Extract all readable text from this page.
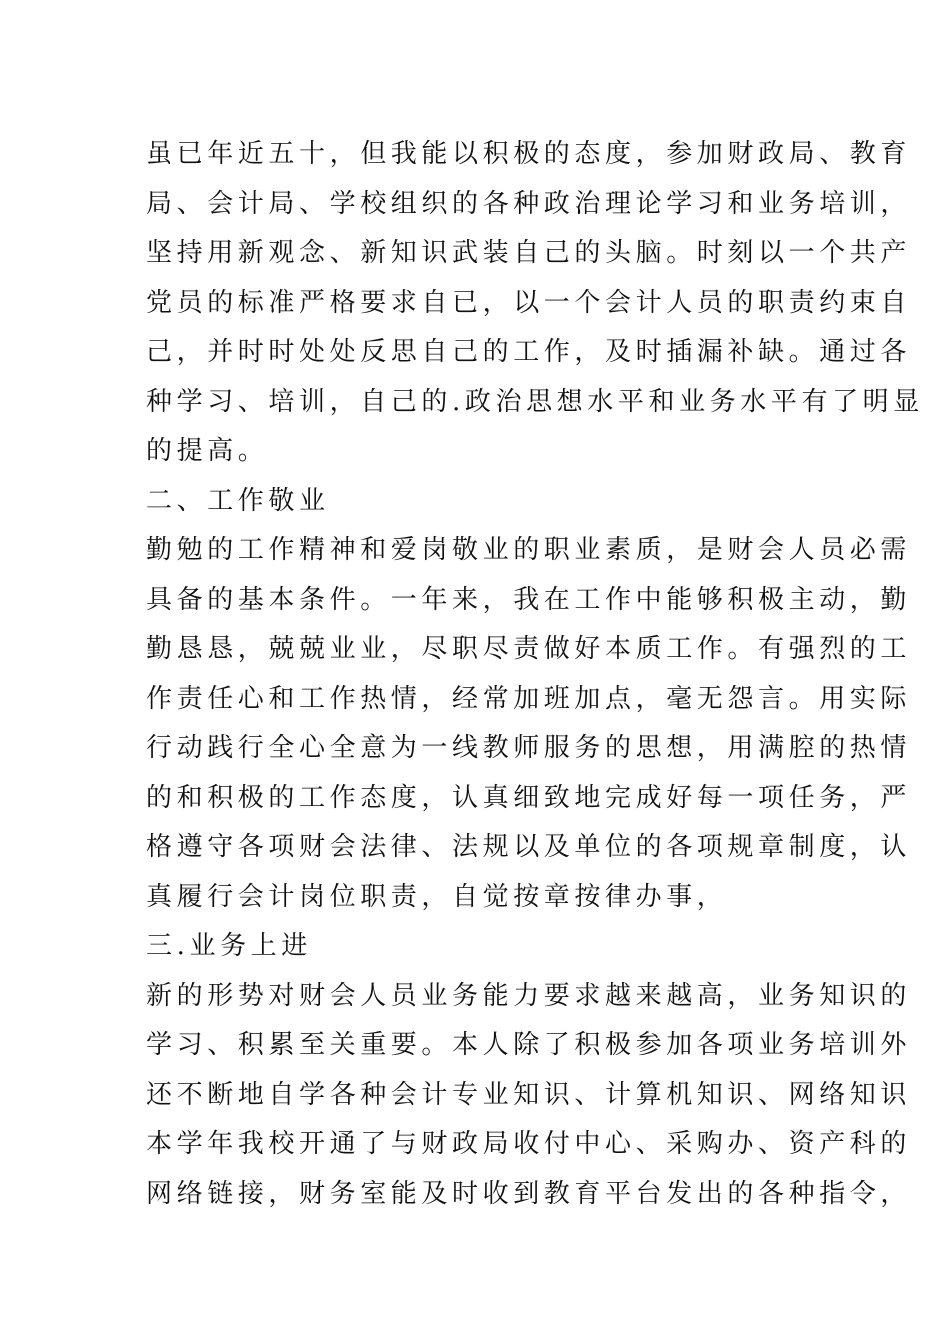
虽已年近五十，但我能以积极的态度，参加财政局、教育
局、会计局、学校组织的各种政治理论学习和业务培训，
坚持用新观念、新知识武装自己的头脑。时刻以一个共产
党员的标准严格要求自已，以一个会计人员的职责约束自
己，并时时处处反思自己的工作，及时插漏补缺。通过各
种学习、培训，自己的.政治思想水平和业务水平有了明显
的提高。
二、工作敬业
勤勉的工作精神和爱岗敬业的职业素质，是财会人员必需
具备的基本条件。一年来，我在工作中能够积极主动，勤
勤恳恳，兢兢业业，尽职尽责做好本质工作。有强烈的工
作责任心和工作热情，经常加班加点，毫无怨言。用实际
行动践行全心全意为一线教师服务的思想，用满腔的热情
的和积极的工作态度，认真细致地完成好每一项任务，严
格遵守各项财会法律、法规以及单位的各项规章制度，认
真履行会计岗位职责，自觉按章按律办事，
三.业务上进
新的形势对财会人员业务能力要求越来越高，业务知识的
学习、积累至关重要。本人除了积极参加各项业务培训外
还不断地自学各种会计专业知识、计算机知识、网络知识
本学年我校开通了与财政局收付中心、采购办、资产科的
网络链接，财务室能及时收到教育平台发出的各种指令，
